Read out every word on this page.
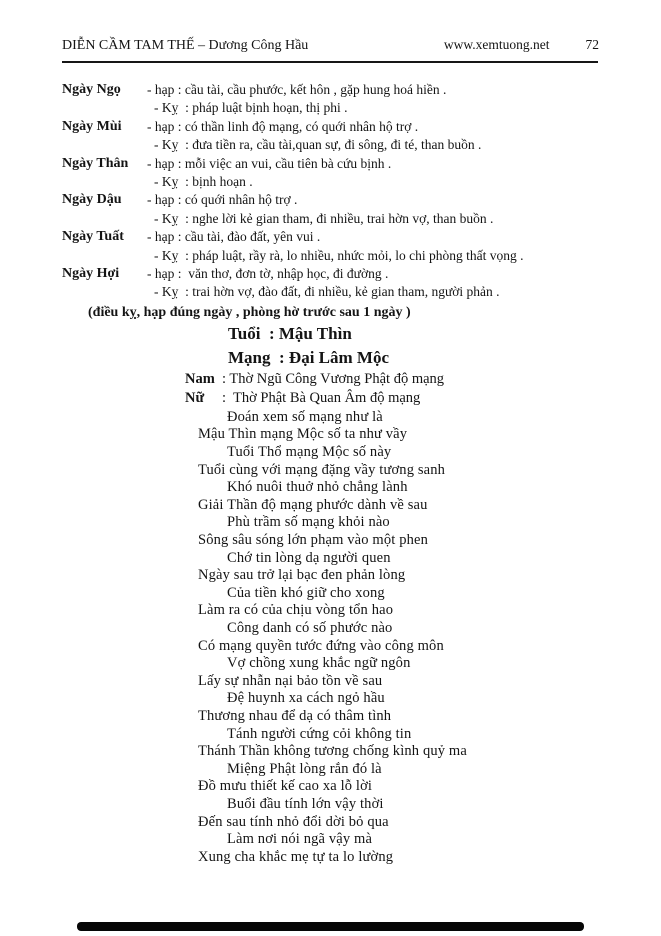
DIỄN CẦM TAM THẾ – Dương Công Hầu	www.xemtuong.net	72
Ngày Ngọ	- hạp : cầu tài, cầu phước, kết hôn , gặp hung hoá hiền .
- Kỵ  : pháp luật bịnh hoạn, thị phi .
Ngày Mùi	- hạp : có thần linh độ mạng, có quới nhân hộ trợ .
- Kỵ  : đưa tiền ra, cầu tài,quan sự, đi sông, đi té, than buồn .
Ngày Thân	- hạp : mỗi việc an vui, cầu tiên bà cứu bịnh .
- Kỵ  : bịnh hoạn .
Ngày Dậu	- hạp : có quới nhân hộ trợ .
- Kỵ  : nghe lời kẻ gian tham, đi nhiều, trai hờn vợ, than buồn .
Ngày Tuất	- hạp : cầu tài, đào đất, yên vui .
- Kỵ  : pháp luật, rầy rà, lo nhiều, nhức mỏi, lo chi phòng thất vọng .
Ngày Hợi	- hạp :  văn thơ, đơn tờ, nhập học, đi đường .
- Kỵ  : trai hờn vợ, đào đất, đi nhiều, kẻ gian tham, người phản .
(điều kỵ, hạp đúng ngày , phòng hờ trước sau 1 ngày )
Tuổi  : Mậu Thìn
Mạng  : Đại Lâm Mộc
Nam : Thờ Ngũ Công Vương Phật độ mạng
Nữ	:  Thờ Phật Bà Quan Âm độ mạng
Đoán xem số mạng như là
Mậu Thìn mạng Mộc số ta như vầy
Tuổi Thổ mạng Mộc số này
Tuổi cùng với mạng đặng vầy tương sanh
Khó nuôi thuở nhỏ chẳng lành
Giải Thần độ mạng phước dành về sau
Phù trầm số mạng khỏi nào
Sông sâu sóng lớn phạm vào một phen
Chớ tin lòng dạ người quen
Ngày sau trở lại bạc đen phản lòng
Của tiền khó giữ cho xong
Làm ra có của chịu vòng tổn hao
Công danh có số phước nào
Có mạng quyền tước đứng vào công môn
Vợ chồng xung khắc ngữ ngôn
Lấy sự nhẫn nại bảo tồn về sau
Đệ huynh xa cách ngỏ hầu
Thương nhau để dạ có thâm tình
Tánh người cứng cỏi không tin
Thánh Thần không tương chống kình quỷ ma
Miệng Phật lòng rắn đó là
Đồ mưu thiết kế cao xa lỗ lời
Buổi đầu tính lớn vậy thời
Đến sau tính nhỏ đổi dời bỏ qua
Làm nơi nói ngã vậy mà
Xung cha khắc mẹ tự ta lo lường
